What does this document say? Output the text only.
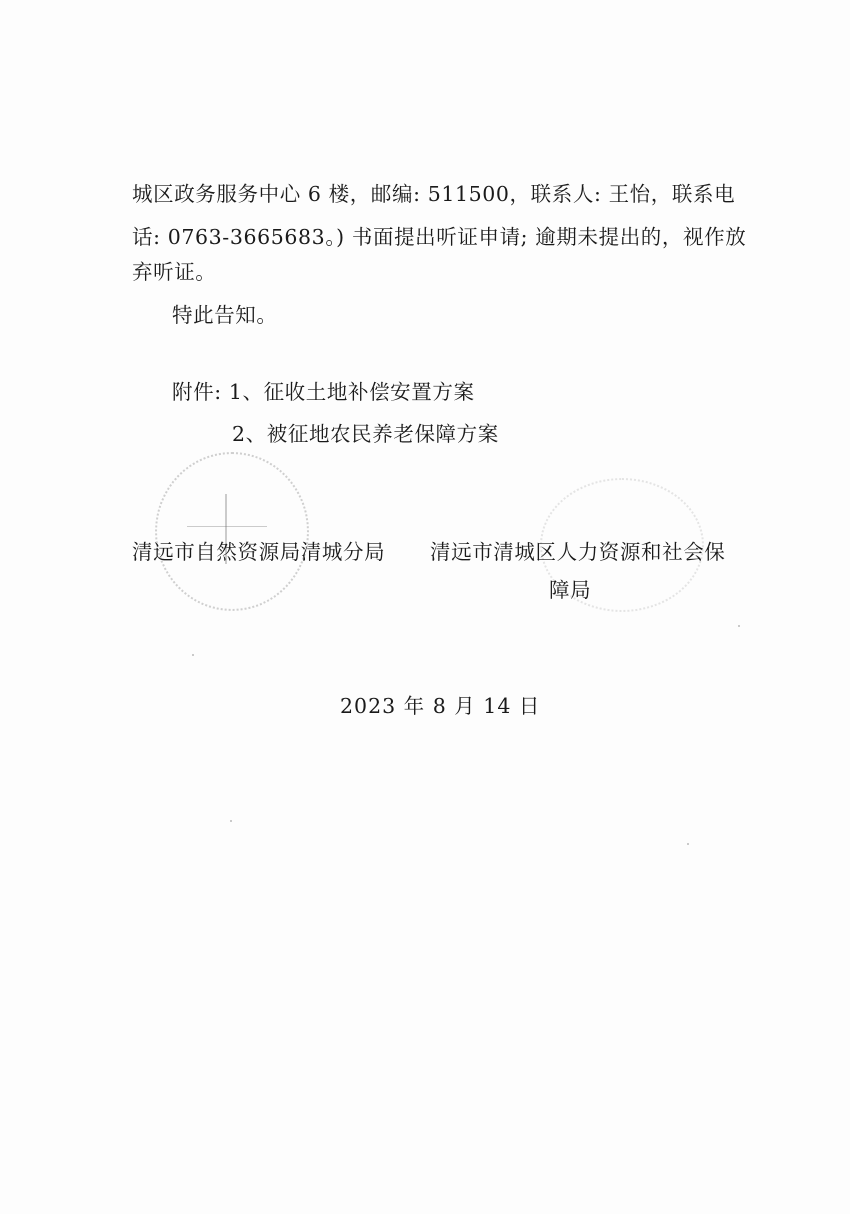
城区政务服务中心 6 楼，邮编: 511500，联系人: 王怡，联系电
话: 0763-3665683。) 书面提出听证申请; 逾期未提出的，视作放
弃听证。
特此告知。
附件: 1、征收土地补偿安置方案
2、被征地农民养老保障方案
清远市自然资源局清城分局 清远市清城区人力资源和社会保
障局
2023 年 8 月 14 日
